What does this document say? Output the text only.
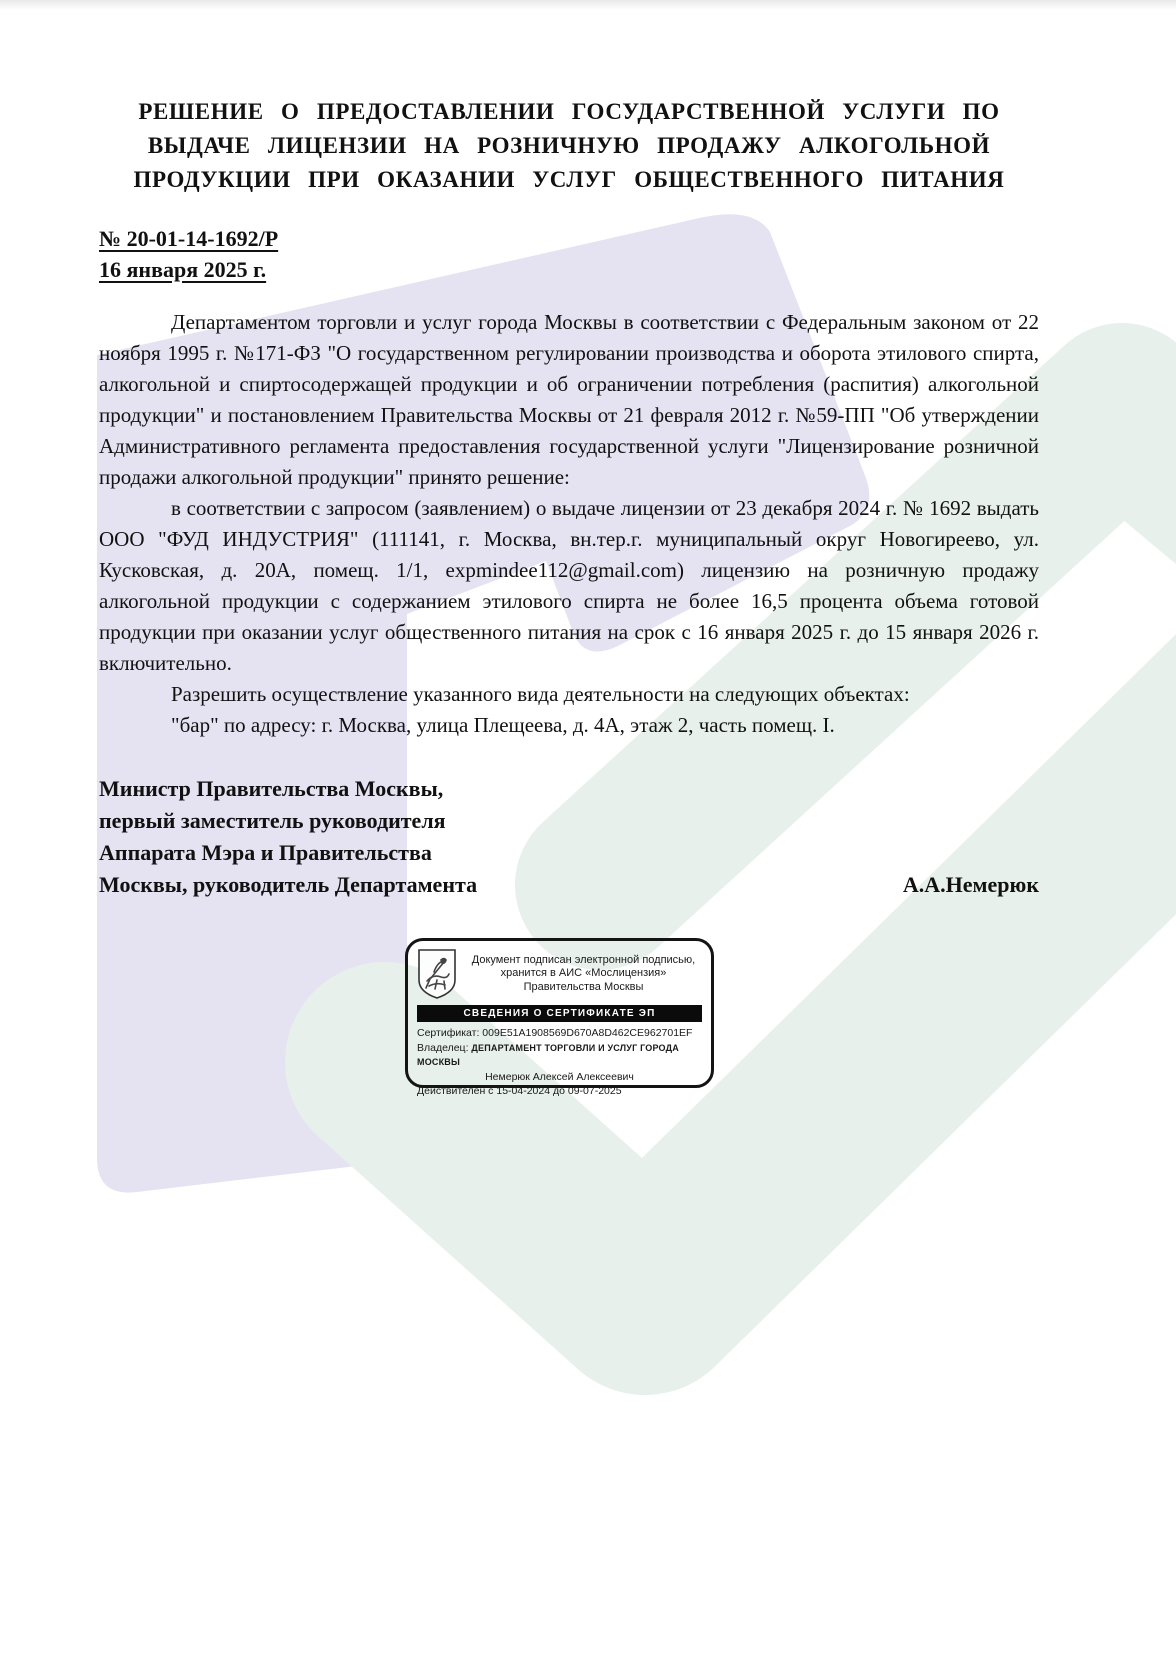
РЕШЕНИЕ О ПРЕДОСТАВЛЕНИИ ГОСУДАРСТВЕННОЙ УСЛУГИ ПО
ВЫДАЧЕ ЛИЦЕНЗИИ НА РОЗНИЧНУЮ ПРОДАЖУ АЛКОГОЛЬНОЙ
ПРОДУКЦИИ ПРИ ОКАЗАНИИ УСЛУГ ОБЩЕСТВЕННОГО ПИТАНИЯ
№ 20-01-14-1692/Р
16 января 2025 г.

Департаментом торговли и услуг города Москвы в соответствии с Федеральным законом от 22 ноября 1995 г. №171-ФЗ "О государственном регулировании производства и оборота этилового спирта, алкогольной и спиртосодержащей продукции и об ограничении потребления (распития) алкогольной продукции" и постановлением Правительства Москвы от 21 февраля 2012 г. №59-ПП "Об утверждении Административного регламента предоставления государственной услуги "Лицензирование розничной продажи алкогольной продукции" принято решение:

в соответствии с запросом (заявлением) о выдаче лицензии от 23 декабря 2024 г. № 1692 выдать ООО "ФУД ИНДУСТРИЯ" (111141, г. Москва, вн.тер.г. муниципальный округ Новогиреево, ул. Кусковская, д. 20А, помещ. 1/1, expmindee112@gmail.com) лицензию на розничную продажу алкогольной продукции с содержанием этилового спирта не более 16,5 процента объема готовой продукции при оказании услуг общественного питания на срок с 16 января 2025 г. до 15 января 2026 г. включительно.

Разрешить осуществление указанного вида деятельности на следующих объектах:

"бар" по адресу: г. Москва, улица Плещеева, д. 4А, этаж 2, часть помещ. I.

Министр Правительства Москвы,
первый заместитель руководителя
Аппарата Мэра и Правительства
Москвы, руководитель Департамента	А.А.Немерюк
Документ подписан электронной подписью,
хранится в АИС «Мослицензия»
Правительства Москвы
СВЕДЕНИЯ О СЕРТИФИКАТЕ ЭП
Сертификат: 009E51A1908569D670A8D462CE962701EF
Владелец: ДЕПАРТАМЕНТ ТОРГОВЛИ И УСЛУГ ГОРОДА МОСКВЫ
Немерюк Алексей Алексеевич
Действителен с 15-04-2024 до 09-07-2025
